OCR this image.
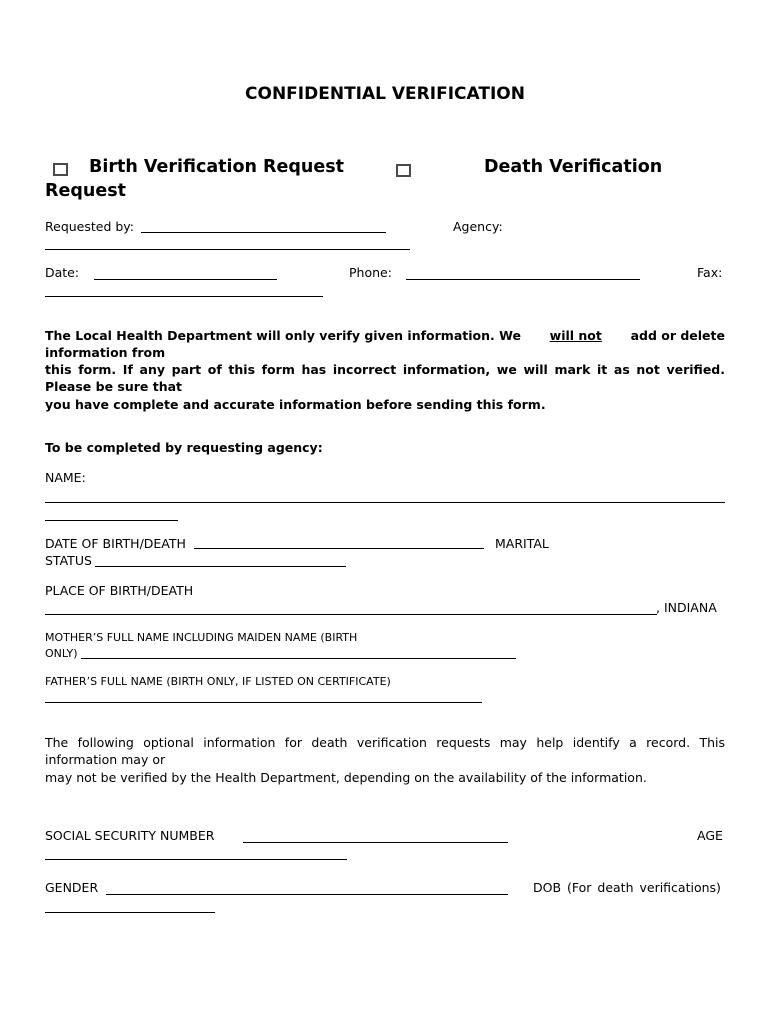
CONFIDENTIAL VERIFICATION
Birth Verification Request	Death Verification
Request
Requested by:	Agency:
Date:	Phone:	Fax:
The Local Health Department will only verify given information. We will not add or delete
information from
this form. If any part of this form has incorrect information, we will mark it as not verified.
Please be sure that
you have complete and accurate information before sending this form.
To be completed by requesting agency:
NAME:
DATE OF BIRTH/DEATH	MARITAL
STATUS
PLACE OF BIRTH/DEATH
, INDIANA
MOTHER’S FULL NAME INCLUDING MAIDEN NAME (BIRTH
ONLY)
FATHER’S FULL NAME (BIRTH ONLY, IF LISTED ON CERTIFICATE)
The following optional information for death verification requests may help identify a record. This
information may or
may not be verified by the Health Department, depending on the availability of the information.
SOCIAL SECURITY NUMBER	AGE
GENDER	DOB (For death verifications)
